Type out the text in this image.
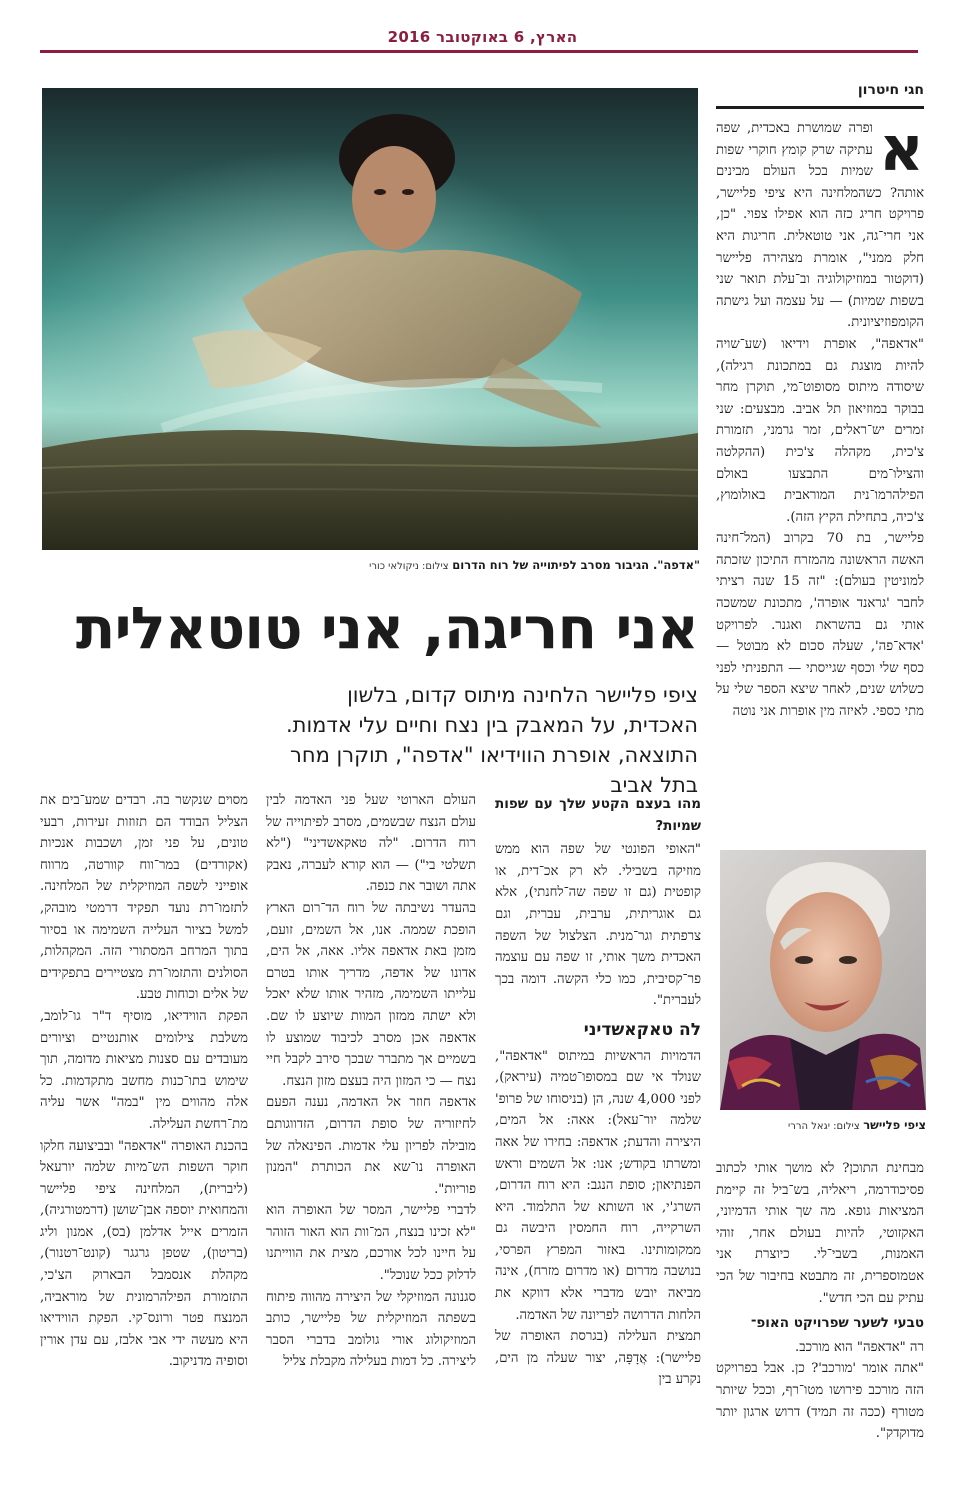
הארץ, 6 באוקטובר 2016
חגי חיטרון
א

ופרה שמושרת באכדית, שפה עתיקה שרק קומץ חוקרי שפות שמיות בכל העולם מבינים אותה? כשהמלחינה היא ציפי פליישר, פרויקט חריג כזה הוא אפילו צפוי. "כן, אני חרי־גה, אני טוטאלית. חריגות היא חלק ממני", אומרת מצהירה פליישר (דוקטור במוזיקולוגיה וב־עלת תואר שני בשפות שמיות) — על עצמה ועל גישתה הקומפוזיציונית.

"אדאפה", אופרת וידיאו (שע־שויה להיות מוצגת גם במתכונת רגילה), שיסודה מיתוס מסופוט־מי, תוקרן מחר בבוקר במוזיאון תל אביב. מבצעים: שני זמרים יש־ראלים, זמר גרמני, תזמורת צ'כית, מקהלה צ'כית (ההקלטה והצילו־מים התבצעו באולם הפילהרמו־נית המוראבית באולומוץ, צ'כיה, בתחילת הקיץ הזה).

פליישר, בת 70 בקרוב (המל־חינה האשה הראשונה מהמזרח התיכון שזכתה למוניטין בעולם): "זה 15 שנה רציתי לחבר 'גראנד אופרה', מתכונת שמשכה אותי גם בהשראת ואגנר. לפרויקט 'אדא־פה', שעלה סכום לא מבוטל — כסף שלי וכסף שגייסתי — התפניתי לפני כשלוש שנים, לאחר שיצא הספר שלי על מתי כספי. לאיזה מין אופרות אני נוטה

ציפי פליישר צילום: יגאל הררי

מבחינת התוכן? לא מושך אותי לכתוב פסיכודרמה, ריאליה, בש־ביל זה קיימת המציאות גופא. מה שך אותי הדמיוני, האקזוטי, להיות בעולם אחר, זוהי האמנות, בשבי־לי. כיוצרת אני אטמוספרית, זה מתבטא בחיבור של הכי עתיק עם הכי חדש".

טבעי לשער שפרויקט האופ־

רה "אדאפה" הוא מורכב.

"אתה אומר 'מורכב'? כן. אבל בפרויקט הזה מורכב פירושו מטו־רף, וככל שיותר מטורף (ככה זה תמיד) דרוש ארגון יותר מדוקדק".

"אדפה". הגיבור מסרב לפיתוייה של רוח הדרום צילום: ניקולאי כורי
אני חריגה, אני טוטאלית
ציפי פליישר הלחינה מיתוס קדום, בלשון האכדית, על המאבק בין נצח וחיים עלי אדמות. התוצאה, אופרת הווידיאו "אדפה", תוקרן מחר בתל אביב

מהו בעצם הקטע שלך עם שפות שמיות?

"האופי הפונטי של שפה הוא ממש מוזיקה בשבילי. לא רק אכ־דית, או קופטית (גם זו שפה שה־לחנתי), אלא גם אוגריתית, ערבית, עברית, וגם צרפתית וגר־מנית. הצלצול של השפה האכדית משך אותי, זו שפה עם עוצמה פר־קסיבית, כמו כלי הקשה. דומה בכך לעברית".

לה טאקאשדיני

הדמויות הראשיות במיתוס "אדאפה", שנולד אי שם במסופו־טמיה (עיראק), לפני 4,000 שנה, הן (בניסוחו של פרופ' שלמה יור־עאל): אאה: אל המים, היצירה והדעת; אדאפה: בחירו של אאה ומשרתו בקודש; אנו: אל השמים וראש הפנתיאון; סופת הנגב: היא רוח הדרום, השרג'י, או השותא של התלמוד. היא השרקייה, רוח החמסין היבשה גם ממקומותינו. באזור המפרץ הפרסי, בנושבה מדרום (או מדרום מזרח), אינה מביאה יובש מדברי אלא דווקא את הלחות הדרושה לפריונה של האדמה.

תמצית העלילה (בגרסת האופרה של פליישר): אֲדָפָּה, יצור שעלה מן הים, נקרע בין

העולם הארוטי שעל פני האדמה לבין עולם הנצח שבשמים, מסרב לפיתוייה של רוח הדרום. "לה טאקאשדיני" ("לא תשלטי בי") — הוא קורא לעברה, נאבק אתה ושובר את כנפה.

בהעדר נשיבתה של רוח הד־רום הארץ הופכת שממה. אנו, אל השמים, זועם, מזמן באת אדאפה אליו. אאה, אל הים, אדונו של אדפה, מדריך אותו בטרם עלייתו השמימה, מזהיר אותו שלא יאכל ולא ישתה ממזון המוות שיוצע לו שם. אדאפה אכן מסרב לכיבוד שמוצע לו בשמיים אך מתברר שבכך סירב לקבל חיי נצח — כי המזון היה בעצם מזון הנצח.

אדאפה חוזר אל האדמה, נענה הפעם לחיזוריה של סופת הדרום, הזדווגותם מובילה לפריון עלי אדמות. הפינאלה של האופרה נו־שא את הכותרת "המנון פוריות".

לדברי פליישר, המסר של האופרה הוא "לא זכינו בנצח, המ־וות הוא האור הזוהר על חיינו לכל אורכם, מצית את הווייתנו לדלוק ככל שנוכל".

סגנונה המוזיקלי של היצירה מהווה פיתוח בשפתה המוזיקלית של פליישר, כותב המוזיקולוג אורי גולומב בדברי הסבר ליצירה. כל דמות בעלילה מקבלת צליל

מסוים שנקשר בה. רבדים שמע־בים את הצליל הבודד הם תזוזות זעירות, רבעי טונים, על פני זמן, ושכבות אנכיות (אקורדים) במר־ווח קוורטה, מרווח אופייני לשפה המוזיקלית של המלחינה. לתזמו־רת נועד תפקיד דרמטי מובהק, למשל בציור העלייה השמימה או בסיור בתוך המרחב המסתורי הזה. המקהלות, הסולנים והתזמו־רת מצטיירים בתפקידים של אלים וכוחות טבע.

הפקת הווידיאו, מוסיף ד"ר גו־לומב, משלבת צילומים אותנטיים וציורים מעובדים עם סצנות מציאות מדומה, תוך שימוש בתו־כנות מחשב מתקדמות. כל אלה מהווים מין "במה" אשר עליה מת־רחשת העלילה.

בהכנת האופרה "אדאפה" ובביצועה חלקו חוקר השפות הש־מיות שלמה יורעאל (ליברית), המלחינה ציפי פליישר והמחואית יוספה אבן־שושן (דרמטורגיה), הזמרים אייל אדלמן (בס), אמנון וליג (בריטון), שטפן גרגגר (קונט־רטנור), מקהלת אנסמבל הבארוק הצ'כי, התזמורת הפילהרמונית של מוראביה, המנצח פטר ורונס־קי. הפקת הווידיאו היא מעשה ידי אבי אלבז, עם עדן אורין וסופיה מדניקוב.
